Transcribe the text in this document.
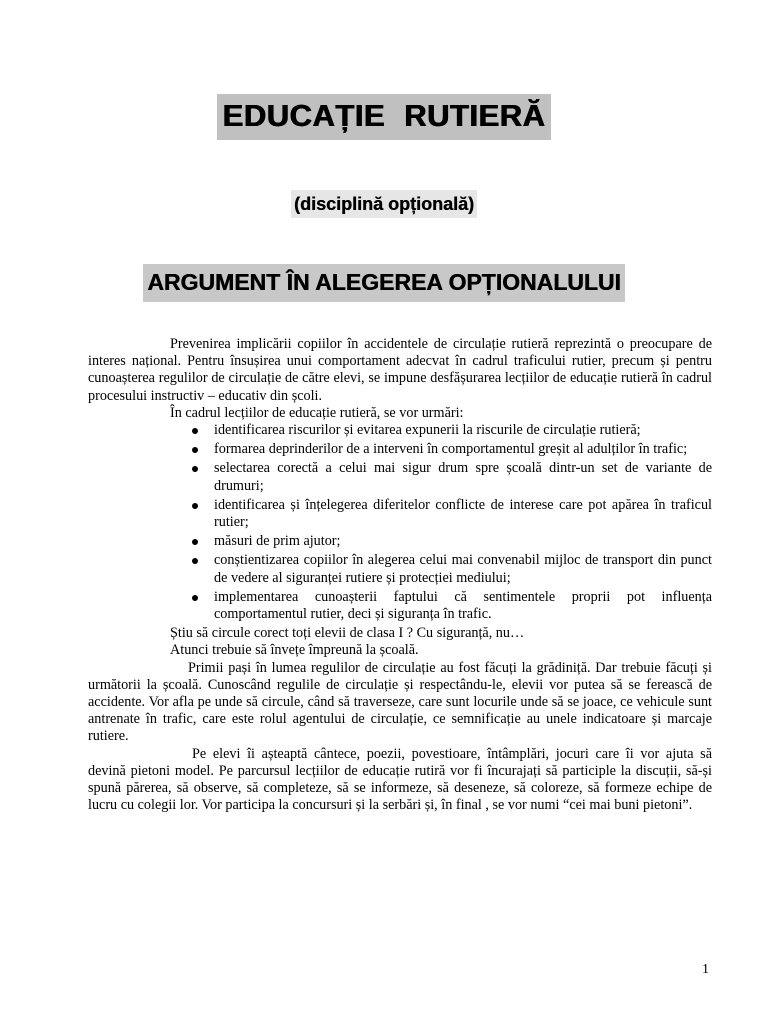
EDUCAȚIE RUTIERĂ
(disciplină opțională)
ARGUMENT ÎN ALEGEREA OPȚIONALULUI

Prevenirea implicării copiilor în accidentele de circulație rutieră reprezintă o preocupare de interes național. Pentru însușirea unui comportament adecvat în cadrul traficului rutier, precum și pentru cunoașterea regulilor de circulație de către elevi, se impune desfășurarea lecțiilor de educație rutieră în cadrul procesului instructiv – educativ din școli.

În cadrul lecțiilor de educație rutieră, se vor urmări:

identificarea riscurilor și evitarea expunerii la riscurile de circulație rutieră;
formarea deprinderilor de a interveni în comportamentul greșit al adulților în trafic;
selectarea corectă a celui mai sigur drum spre școală dintr-un set de variante de drumuri;
identificarea și înțelegerea diferitelor conflicte de interese care pot apărea în traficul rutier;
măsuri de prim ajutor;
conștientizarea copiilor în alegerea celui mai convenabil mijloc de transport din punct de vedere al siguranței rutiere și protecției mediului;
implementarea cunoașterii faptului că sentimentele proprii pot influența comportamentul rutier, deci și siguranța în trafic.

Știu să circule corect toți elevii de clasa I ? Cu siguranță, nu…

Atunci trebuie să învețe împreună la școală.

Primii pași în lumea regulilor de circulație au fost făcuți la grădiniță. Dar trebuie făcuți și următorii la școală. Cunoscând regulile de circulație și respectându-le, elevii vor putea să se ferească de accidente. Vor afla pe unde să circule, când să traverseze, care sunt locurile unde să se joace, ce vehicule sunt antrenate în trafic, care este rolul agentului de circulație, ce semnificație au unele indicatoare și marcaje rutiere.

Pe elevi îi așteaptă cântece, poezii, povestioare, întâmplări, jocuri care îi vor ajuta să devină pietoni model. Pe parcursul lecțiilor de educație rutiră vor fi încurajați să participle la discuții, să-și spună părerea, să observe, să completeze, să se informeze, să deseneze, să coloreze, să formeze echipe de lucru cu colegii lor. Vor participa la concursuri și la serbări și, în final , se vor numi “cei mai buni pietoni”.

1
